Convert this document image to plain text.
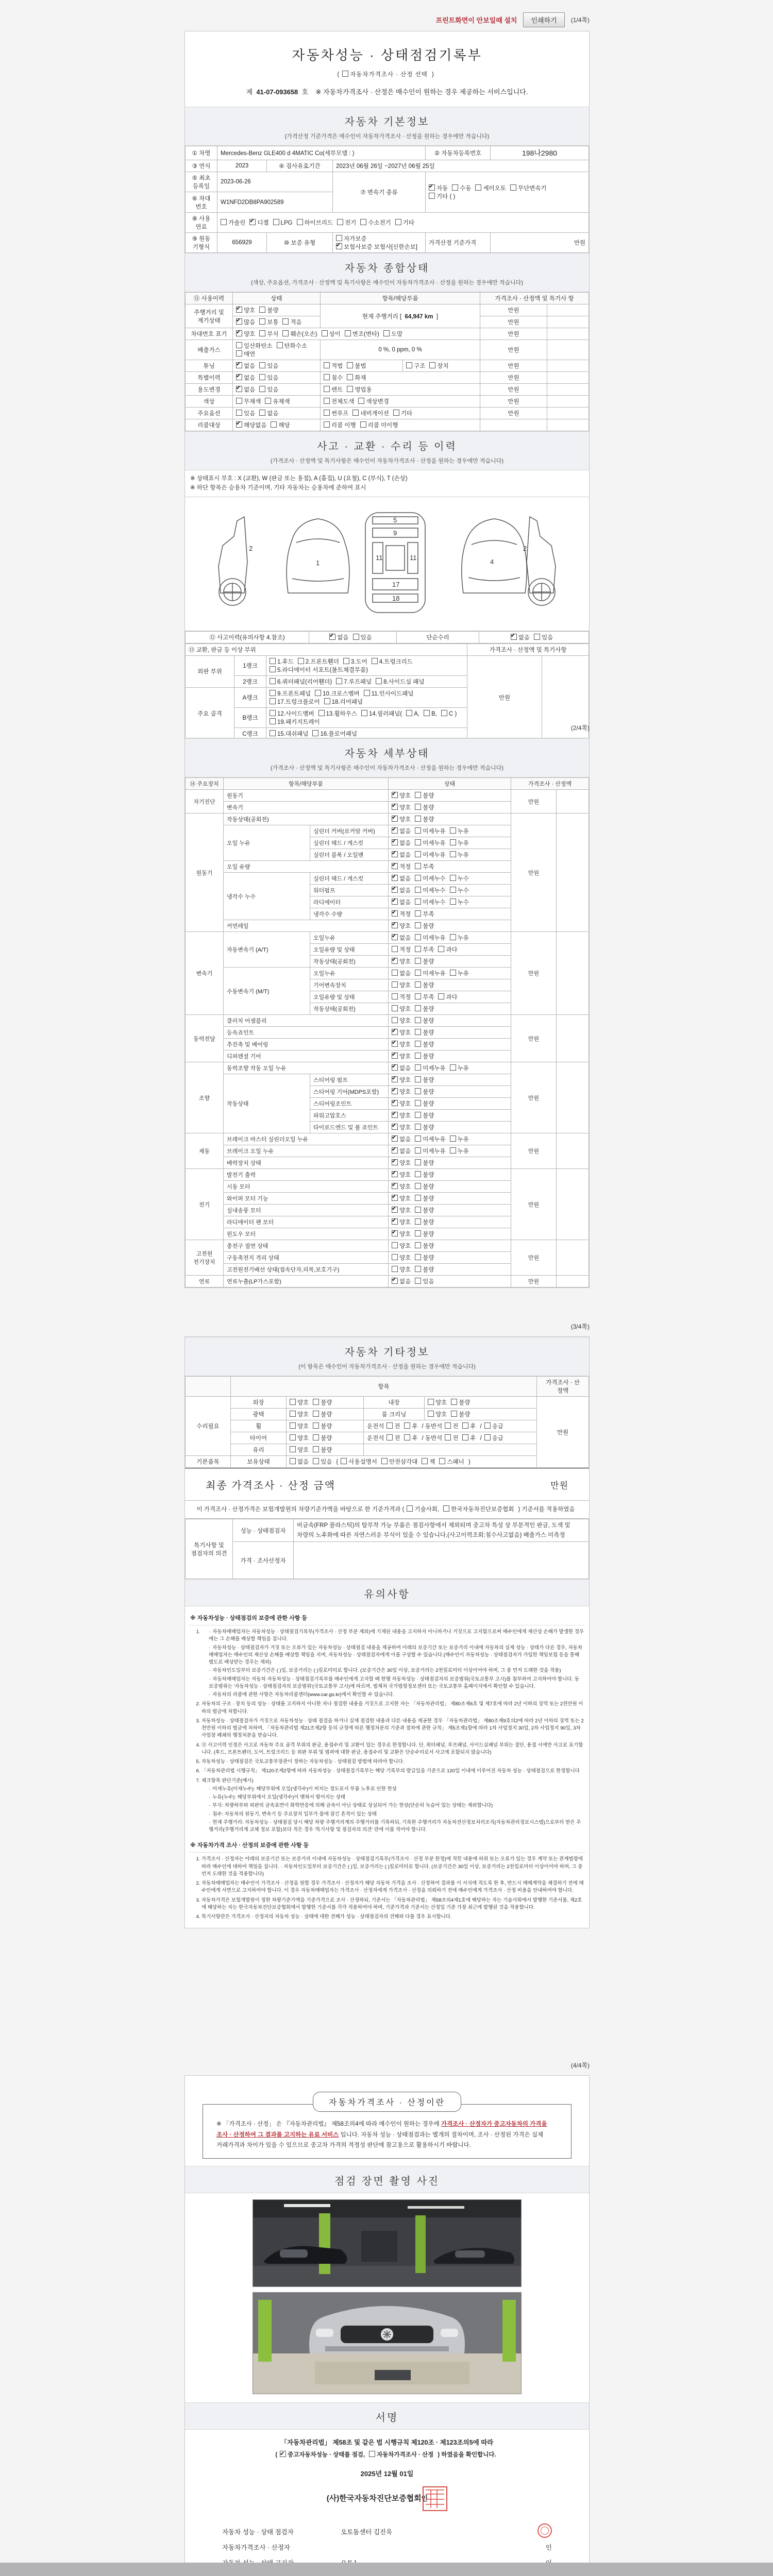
프린트화면이 안보일때 설치	인쇄하기	(1/4쪽)
자동차성능 · 상태점검기록부
(자동차가격조사 · 산정 선택)
제 41-07-093658 호 ※ 자동차가격조사 · 산정은 매수인이 원하는 경우 제공하는 서비스입니다.
자동차 기본정보
(가격산정 기준가격은 매수인이 자동차가격조사 · 산정을 원하는 경우에만 적습니다)
① 차명	Mercedes-Benz GLE400 d 4MATIC Co(세부모델 : )			② 자동차등록번호	198나2980
③ 연식	2023	④ 검사유효기간	2023년 06월 26일 ~2027년 06월 25일		
⑤ 최초 등록일	2023-06-26		⑦ 변속기 종류	
✔자동 수동 세미오토 무단변속기
기타 ( )

⑥ 차대 번호	W1NFD2DB8PA902589				
⑧ 사용 연료	가솔린 ✔ 디젤 LPG 하이브리드 전기 수소전기 기타
⑨ 원동 기형식	656929	⑩ 보증 유형	자가보증✔보험사보증 보험사[신한손보]	가격산정 기준가격	만원
자동차 종합상태
(색상, 주요옵션, 가격조사 · 산정액 및 특기사항은 매수인이 자동차가격조사 · 산정을 원하는 경우에만 적습니다)
⑪ 사용이력	상태	항목/해당부품		가격조사 · 산정액 및 특기사 항	
주행거리 및 계기상태	✔양호 불량	현재 주행거리 [ 64,947 km ]		만원	
✔많음 보통 적음			만원	
차대번호 표기	✔양호 부식 훼손(오손) 상이 변조(변타) 도말			만원	
배출가스	일산화탄소 탄화수소매연	0 %, 0 ppm, 0 %		만원	
튜닝	✔없음 있음	적법 불법	구조 장치	만원	
특별이력	✔없음 있음	침수 화재		만원	
용도변경	✔없음 있음	렌트 영업용		만원	
색상	무채색 유채색	전체도색 색상변경		만원	
주요옵션	있음 없음	썬루프 네비게이션 기타		만원	
리콜대상	✔해당없음 해당	리콜 이행 리콜 미이행			
사고 · 교환 · 수리 등 이력
(가격조사 · 산정액 및 특기사항은 매수인이 자동차가격조사 · 산정을 원하는 경우에만 적습니다)
※ 상태표시 부호 : X (교환), W (판금 또는 용접), A (흠집), U (요철), C (부식), T (손상)
※ 하단 항목은 승용차 기준이며, 기타 자동차는 승용차에 준하여 표시
2
1
5
9
11	11
17
18
4
2
⑫ 사고이력(유의사항 4.참조)	✔없음 있음	단순수리	✔없음 있음
⑬ 교환, 판금 등 이상 부위			가격조사 · 산정액 및 특기사항	
외판 부위	1랭크	1.후드 2.프론트휀더 3.도어 4.트렁크리드5.라디에이터 서포트(볼트체결부품)	만원	
	2랭크	6.쿼터패널(리어휀더) 7.루프패널 8.사이드실 패널		
주요 골격	A랭크	9.프론트패널 10.크로스멤버 11.인사이드패널17.트렁크플로어 18.리어패널		
	B랭크	12.사이드멤버 13.휠하우스 14.필러패널( A, B, C )19.패키지트레이		
	C랭크	15.대쉬패널 16.플로어패널		
(2/4쪽)
자동차 세부상태
(가격조사 · 산정액 및 특기사항은 매수인이 자동차가격조사 · 산정을 원하는 경우에만 적습니다)
⑭ 주요장치	항목/해당부품		상태	가격조사 · 산정액	
자기진단	원동기	✔양호 불량	만원	
	변속기	✔양호 불량
원동기	작동상태(공회전)	✔양호 불량	만원	
	오일 누유	실린더 커버(로커암 커버)	✔없음 미세누유 누유
		실린더 헤드 / 개스킷	✔없음 미세누유 누유
		실린더 블록 / 오일팬	✔없음 미세누유 누유
	오일 유량	✔적정 부족
	냉각수 누수	실린더 헤드 / 개스킷	✔없음 미세누수 누수
		워터펌프	✔없음 미세누수 누수
		라디에이터	✔없음 미세누수 누수
		냉각수 수량	✔적정 부족
	커먼레일	✔양호 불량
변속기	자동변속기 (A/T)	오일누유	✔없음 미세누유 누유	만원	
		오일유량 및 상태	적정 부족 과다		
		작동상태(공회전)	✔양호 불량
	수동변속기 (M/T)	오일누유	없음 미세누유 누유		
		기어변속장치	양호 불량		
		오일유량 및 상태	적정 부족 과다		
		작동상태(공회전)	양호 불량		
동력전달	클러치 어셈블리		양호 불량	만원	
	등속죠인트	✔양호 불량
	추진축 및 베어링	✔양호 불량
	디퍼렌셜 기어	✔양호 불량
조향	동력조향 작동 오일 누유	✔없음 미세누유 누유	만원	
	작동상태	스티어링 펌프	✔양호 불량
		스티어링 기어(MDPS포함)	✔양호 불량
		스티어링조인트	✔양호 불량
		파워고압호스	✔양호 불량
		타이로드엔드 및 볼 죠인트	✔양호 불량
제동	브레이크 마스터 실린더오일 누유	✔없음 미세누유 누유	만원	
	브레이크 오일 누유	✔없음 미세누유 누유
	배력장치 상태	✔양호 불량
전기	발전기 출력	✔양호 불량	만원	
	시동 모터	✔양호 불량
	와이퍼 모터 기능	✔양호 불량
	실내송풍 모터	✔양호 불량
	라디에이터 팬 모터	✔양호 불량
	윈도우 모터	✔양호 불량
고전원 전기장치	충전구 절연 상태		양호 불량	만원	
	구동축전지 격리 상태		양호 불량		
	고전원전기배선 상태(접속단자,피복,보호기구)		양호 불량		
연료	연료누출(LP가스포함)	✔없음 있음	만원	
(3/4쪽)
자동차 기타정보
(이 항목은 매수인이 자동차가격조사 · 산정을 원하는 경우에만 적습니다)
	항목				가격조사 · 산 정액
수리필요	외장	양호 불량	내장	양호 불량	만원
	광택	양호 불량	룸 크리닝	양호 불량	
	휠	양호 불량	운전석 전 후 / 동반석 전 후 / 응급		
	타이어	양호 불량	운전석 전 후 / 동반석 전 후 / 응급		
	유리	양호 불량			
기본품목	보유상태	없음 있음 ( 사용설명서 안전삼각대 잭 스패너 )			
최종 가격조사 · 산정 금액	만원
이 가격조사 · 산정가격은 보험개발원의 차량기준가액을 바탕으로 한 기준가격과 ( 기술사회, 한국자동차진단보증협회 ) 기준서를 적용하였음
특기사항 및 점검자의 의견	성능 · 상태점검자	비금속(FRP 플라스틱)의 탈부착 가능 부품은 점검사항에서 제외되며 중고차 특성 상 부분적인 판금, 도색 및 차량의 노후화에 따른 자연스러운 부식이 있을 수 있습니다.(사고이력조회:침수사고없음) 배출가스 미측정
	가격 · 조사산정자	
유의사항
※ 자동차성능 · 상태점검의 보증에 관한 사항 등
· 1. 자동차매매업자는 자동차성능 · 상태점검기록부(가격조사 · 산정 부분 제외)에 기재된 내용을 고지하지 아니하거나 거짓으로 고지함으로써 매수인에게 재산상 손해가 발생한 경우에는 그 손해를 배상할 책임을 집니다.
· 자동차성능 · 상태점검자가 거짓 또는 오류가 있는 자동차성능 · 상태점검 내용을 제공하여 아래의 보증기간 또는 보증거리 이내에 자동차의 실제 성능 · 상태가 다른 경우, 자동차매매업자는 매수인의 재산상 손해를 배상할 책임을 지며, 자동차성능 · 상태점검자에게 이를 구상할 수 있습니다.(매수인이 자동차성능 · 상태점검자가 가입한 책임보험 등을 통해 별도로 배상받는 경우는 제외)
· 자동차인도일부터 보증기간은 ( )일, 보증거리는 ( )킬로미터로 합니다. (보증기간은 30일 이상, 보증거리는 2천킬로미터 이상이어야 하며, 그 중 먼저 도래한 것을 적용)
· 자동차매매업자는 자동차 자동차성능 · 상태점검기록부를 매수인에게 고지할 때 현행 자동차성능 · 상태점검자의 보증범위(국토교통부 고시)를 첨부하여 고지하여야 합니다. 동 보증범위는 '자동차성능 · 상태점검자의 보증범위'(국토교통부 고시)에 따르며, 법제처 국가법령정보센터 또는 국토교통부 홈페이지에서 확인할 수 있습니다.
· 자동차의 리콜에 관한 사항은 자동차리콜센터(www.car.go.kr)에서 확인할 수 있습니다.
2. 자동차의 구조 · 장치 등의 성능 · 상태를 고지하지 아니한 자나 점검한 내용을 거짓으로 고지한 자는 「자동차관리법」 제80조제6호 및 제7호에 따라 2년 이하의 징역 또는 2천만원 이하의 벌금에 처합니다.
3. 자동차성능 · 상태점검자가 거짓으로 자동차성능 · 상태 점검을 하거나 실제 점검한 내용과 다른 내용을 제공한 경우 「자동차관리법」 제80조제9호의2에 따라 2년 이하의 징역 또는 2천만원 이하의 벌금에 처하며, 「자동차관리법 제21조제2항 등의 규정에 따른 행정처분의 기준과 절차에 관한 규칙」 제5조제1항에 따라 1차 사업정지 30일, 2차 사업정지 90일, 3차 사업장 폐쇄의 행정처분을 받습니다.
4. ⑫ 사고이력 인정은 사고로 자동차 주요 골격 부위의 판금, 용접수리 및 교환이 있는 경우로 한정합니다. 단, 쿼터패널, 루프패널, 사이드실패널 부위는 절단, 용접 시에만 사고로 표기합니다. (후드, 프론트펜더, 도어, 트렁크리드 등 외판 부위 및 범퍼에 대한 판금, 용접수리 및 교환은 단순수리로서 사고에 포함되지 않습니다)
5. 자동차성능 · 상태점검은 국토교통부장관이 정하는 자동차성능 · 상태점검 방법에 따라야 합니다.
6. 「자동차관리법 시행규칙」 제120조제2항에 따라 자동차성능 · 상태점검기록부는 해당 기록부의 발급일을 기준으로 120일 이내에 이루어진 자동차 성능 · 상태점검으로 한정합니다
7. 체크항목 판단기준(예시)
· 미세누유(미세누수): 해당부위에 오일(냉각수)이 비치는 정도로서 부품 노후로 인한 현상
· 누유(누수): 해당부위에서 오일(냉각수)이 맺혀서 떨어지는 상태
· 부식: 차량하부와 외판의 금속표면이 화학반응에 의해 금속이 아닌 상태로 상실되어 가는 현상(단순히 녹슬어 있는 상태는 제외합니다)
· 침수: 자동차의 원동기, 변속기 등 주요장치 일부가 물에 잠긴 흔적이 있는 상태
· 현재 주행거리: 자동차성능 · 상태점검 당시 해당 차량 주행거리계의 주행거리를 기록하되, 기록한 주행거리가 자동차전산정보처리조직(자동차관리정보시스템)으로부터 받은 주행거리(주행거리계 교체 정보 포함)보다 적은 경우 '특기사항 및 점검자의 의견' 란에 이를 적어야 합니다.
※ 자동차가격 조사 · 산정의 보증에 관한 사항 등
1. 가격조사 · 산정자는 아래의 보증기간 또는 보증거리 이내에 자동차성능 · 상태점검기록부(가격조사 · 산정 부분 한정)에 적힌 내용에 허위 또는 오류가 있는 경우 계약 또는 관계법령에 따라 매수인에 대하여 책임을 집니다. · 자동차인도일부터 보증기간은 ( )일, 보증거리는 ( )킬로미터로 합니다. (보증기간은 30일 이상, 보증거리는 2천킬로미터 이상이어야 하며, 그 중 먼저 도래한 것을 적용합니다)
2. 자동차매매업자는 매수인이 가격조사 · 산정을 원할 경우 가격조사 · 산정자가 해당 자동차 가격을 조사 · 산정하여 결과를 이 서식에 적도록 한 후, 반드시 매매계약을 체결하기 전에 매수인에게 서면으로 고지하여야 합니다. 이 경우 자동차매매업자는 가격조사 · 산정자에게 가격조사 · 산정을 의뢰하기 전에 매수인에게 가격조사 · 산정 비용을 안내하여야 합니다.
3. 자동차가격은 보험개발원이 정한 차량기준가액을 기준가격으로 조사 · 산정하되, 기준서는 「자동차관리법」 제58조의4제1호에 해당하는 자는 기술사회에서 발행한 기준서를, 제2호에 해당하는 자는 한국자동차진단보증협회에서 발행한 기준서를 각각 적용하여야 하며, 기준가격과 기준서는 산정일 기준 가장 최근에 발행된 것을 적용합니다.
4. 특기사항란은 가격조사 · 산정자의 자동차 성능 · 상태에 대한 견해가 성능 · 상태점검자의 견해와 다를 경우 표시합니다.
(4/4쪽)
자동차가격조사 · 산정이란
※ 「가격조사 · 산정」 은 『자동차관리법』 제58조의4에 따라 매수인이 원하는 경우에 가격조사 · 산정자가 중고자동차의 가격을 조사 · 산정하여 그 결과를 고지하는 유료 서비스 입니다. 자동차 성능 · 상태점검과는 별개의 절차이며, 조사 · 산정된 가격은 실제 거래가격과 차이가 있을 수 있으므로 중고차 가격의 적정성 판단에 참고용으로 활용하시기 바랍니다.
점검 장면 촬영 사진
서명
「자동차관리법」 제58조 및 같은 법 시행규칙 제120조 · 제123조의5에 따라
(✔중고자동차성능 · 상태를 점검, 자동차가격조사 · 산정) 하였음을 확인합니다.
2025년 12월 01일
(사)한국자동차진단보증협회인
자동차 성능 · 상태 점검자	오토돔센터 김진욱
자동차가격조사 · 산정자	인
